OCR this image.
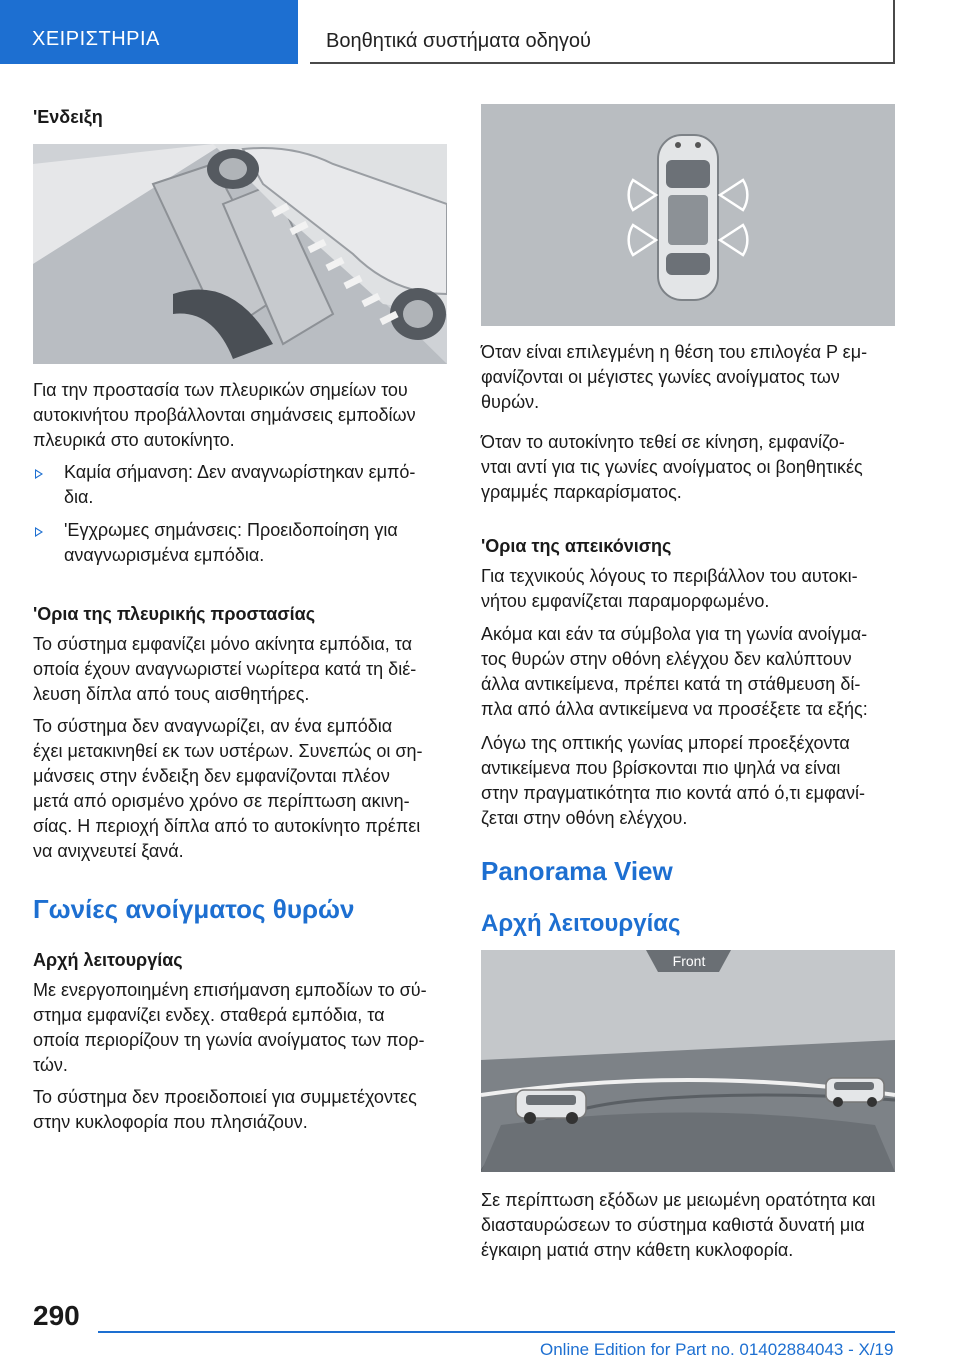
ΧΕΙΡΙΣΤΗΡΙΑ	Βοηθητικά συστήματα οδηγού
'Ενδειξη
Για την προστασία των πλευρικών σημείων του
αυτοκινήτου προβάλλονται σημάνσεις εμποδίων
πλευρικά στο αυτοκίνητο.
Καμία σήμανση: Δεν αναγνωρίστηκαν εμπό‐
δια.
'Εγχρωμες σημάνσεις: Προειδοποίηση για
αναγνωρισμένα εμπόδια.
'Ορια της πλευρικής προστασίας
Το σύστημα εμφανίζει μόνο ακίνητα εμπόδια, τα
οποία έχουν αναγνωριστεί νωρίτερα κατά τη διέ‐
λευση δίπλα από τους αισθητήρες.
Το σύστημα δεν αναγνωρίζει, αν ένα εμπόδια
έχει μετακινηθεί εκ των υστέρων. Συνεπώς οι ση‐
μάνσεις στην ένδειξη δεν εμφανίζονται πλέον
μετά από ορισμένο χρόνο σε περίπτωση ακινη‐
σίας. Η περιοχή δίπλα από το αυτοκίνητο πρέπει
να ανιχνευτεί ξανά.
Γωνίες ανοίγματος θυρών
Αρχή λειτουργίας
Με ενεργοποιημένη επισήμανση εμποδίων το σύ‐
στημα εμφανίζει ενδεχ. σταθερά εμπόδια, τα
οποία περιορίζουν τη γωνία ανοίγματος των πορ‐
τών.
Το σύστημα δεν προειδοποιεί για συμμετέχοντες
στην κυκλοφορία που πλησιάζουν.
Όταν είναι επιλεγμένη η θέση του επιλογέα P εμ‐
φανίζονται οι μέγιστες γωνίες ανοίγματος των
θυρών.
Όταν το αυτοκίνητο τεθεί σε κίνηση, εμφανίζο‐
νται αντί για τις γωνίες ανοίγματος οι βοηθητικές
γραμμές παρκαρίσματος.
'Ορια της απεικόνισης
Για τεχνικούς λόγους το περιβάλλον του αυτοκι‐
νήτου εμφανίζεται παραμορφωμένο.
Ακόμα και εάν τα σύμβολα για τη γωνία ανοίγμα‐
τος θυρών στην οθόνη ελέγχου δεν καλύπτουν
άλλα αντικείμενα, πρέπει κατά τη στάθμευση δί‐
πλα από άλλα αντικείμενα να προσέξετε τα εξής:
Λόγω της οπτικής γωνίας μπορεί προεξέχοντα
αντικείμενα που βρίσκονται πιο ψηλά να είναι
στην πραγματικότητα πιο κοντά από ό,τι εμφανί‐
ζεται στην οθόνη ελέγχου.
Panorama View
Αρχή λειτουργίας
Front
Σε περίπτωση εξόδων με μειωμένη ορατότητα και
διασταυρώσεων το σύστημα καθιστά δυνατή μια
έγκαιρη ματιά στην κάθετη κυκλοφορία.
290
Online Edition for Part no. 01402884043 - X/19
